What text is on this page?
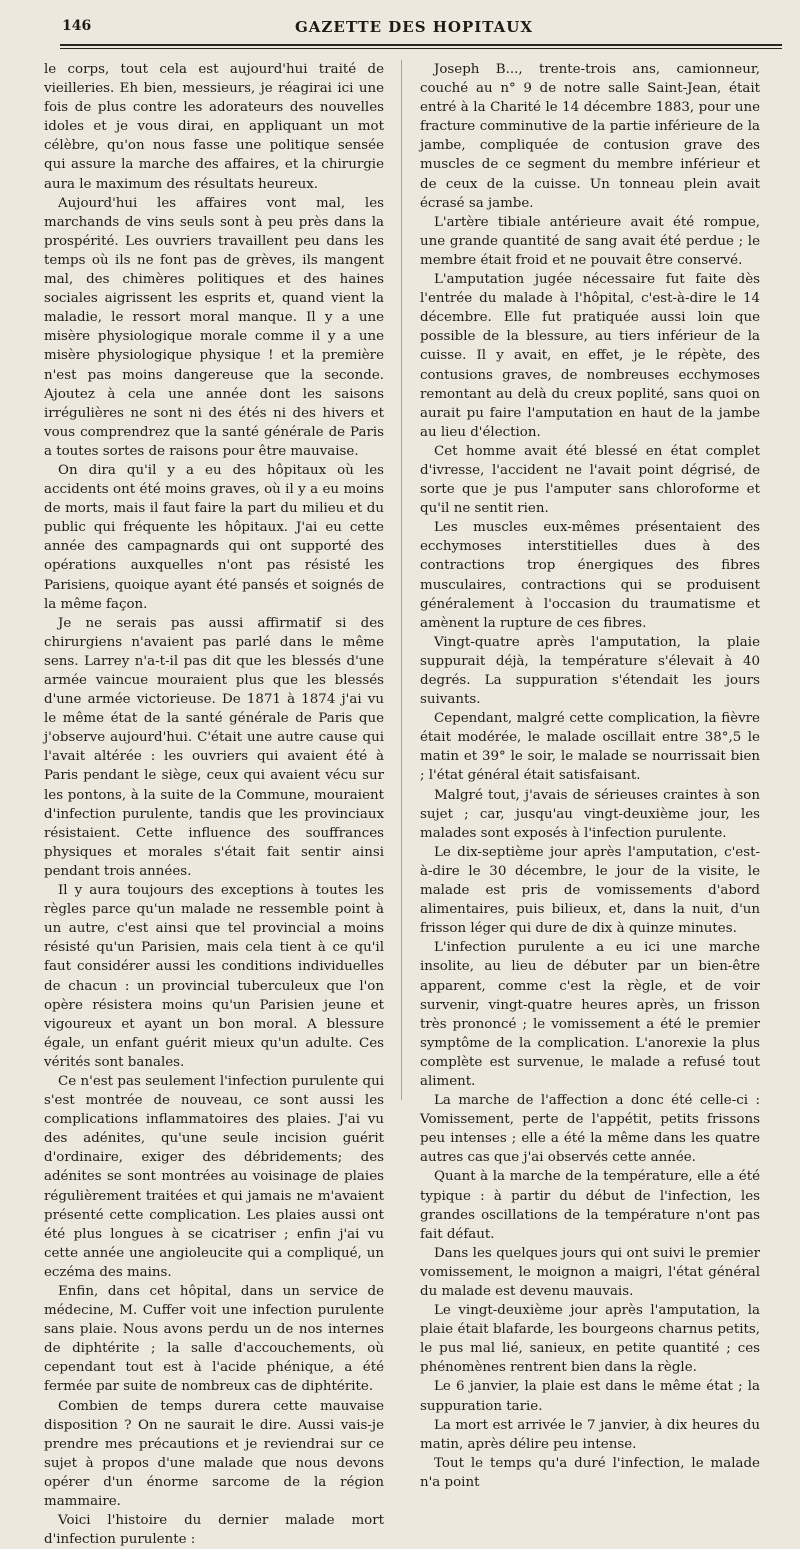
146	GAZETTE DES HOPITAUX

le corps, tout cela est aujourd'hui traité de vieilleries. Eh bien, messieurs, je réagirai ici une fois de plus contre les adorateurs des nouvelles idoles et je vous dirai, en appliquant un mot célèbre, qu'on nous fasse une politique sensée qui assure la marche des affaires, et la chirurgie aura le maximum des résultats heureux.

Aujourd'hui les affaires vont mal, les marchands de vins seuls sont à peu près dans la prospérité. Les ouvriers travaillent peu dans les temps où ils ne font pas de grèves, ils mangent mal, des chimères politiques et des haines sociales aigrissent les esprits et, quand vient la maladie, le ressort moral manque. Il y a une misère physiologique morale comme il y a une misère physiologique physique ! et la première n'est pas moins dangereuse que la seconde. Ajoutez à cela une année dont les saisons irrégulières ne sont ni des étés ni des hivers et vous comprendrez que la santé générale de Paris a toutes sortes de raisons pour être mauvaise.

On dira qu'il y a eu des hôpitaux où les accidents ont été moins graves, où il y a eu moins de morts, mais il faut faire la part du milieu et du public qui fréquente les hôpitaux. J'ai eu cette année des campagnards qui ont supporté des opérations auxquelles n'ont pas résisté les Parisiens, quoique ayant été pansés et soignés de la même façon.

Je ne serais pas aussi affirmatif si des chirurgiens n'avaient pas parlé dans le même sens. Larrey n'a-t-il pas dit que les blessés d'une armée vaincue mouraient plus que les blessés d'une armée victorieuse. De 1871 à 1874 j'ai vu le même état de la santé générale de Paris que j'observe aujourd'hui. C'était une autre cause qui l'avait altérée : les ouvriers qui avaient été à Paris pendant le siège, ceux qui avaient vécu sur les pontons, à la suite de la Commune, mouraient d'infection purulente, tandis que les provinciaux résistaient. Cette influence des souffrances physiques et morales s'était fait sentir ainsi pendant trois années.

Il y aura toujours des exceptions à toutes les règles parce qu'un malade ne ressemble point à un autre, c'est ainsi que tel provincial a moins résisté qu'un Parisien, mais cela tient à ce qu'il faut considérer aussi les conditions individuelles de chacun : un provincial tuberculeux que l'on opère résistera moins qu'un Parisien jeune et vigoureux et ayant un bon moral. A blessure égale, un enfant guérit mieux qu'un adulte. Ces vérités sont banales.

Ce n'est pas seulement l'infection purulente qui s'est montrée de nouveau, ce sont aussi les complications inflammatoires des plaies. J'ai vu des adénites, qu'une seule incision guérit d'ordinaire, exiger des débridements; des adénites se sont montrées au voisinage de plaies régulièrement traitées et qui jamais ne m'avaient présenté cette complication. Les plaies aussi ont été plus longues à se cicatriser ; enfin j'ai vu cette année une angioleucite qui a compliqué, un eczéma des mains.

Enfin, dans cet hôpital, dans un service de médecine, M. Cuffer voit une infection purulente sans plaie. Nous avons perdu un de nos internes de diphtérite ; la salle d'accouchements, où cependant tout est à l'acide phénique, a été fermée par suite de nombreux cas de diphtérite.

Combien de temps durera cette mauvaise disposition ? On ne saurait le dire. Aussi vais-je prendre mes précautions et je reviendrai sur ce sujet à propos d'une malade que nous devons opérer d'un énorme sarcome de la région mammaire.

Voici l'histoire du dernier malade mort d'infection purulente :

Joseph B..., trente-trois ans, camionneur, couché au n° 9 de notre salle Saint-Jean, était entré à la Charité le 14 décembre 1883, pour une fracture comminutive de la partie inférieure de la jambe, compliquée de contusion grave des muscles de ce segment du membre inférieur et de ceux de la cuisse. Un tonneau plein avait écrasé sa jambe.

L'artère tibiale antérieure avait été rompue, une grande quantité de sang avait été perdue ; le membre était froid et ne pouvait être conservé.

L'amputation jugée nécessaire fut faite dès l'entrée du malade à l'hôpital, c'est-à-dire le 14 décembre. Elle fut pratiquée aussi loin que possible de la blessure, au tiers inférieur de la cuisse. Il y avait, en effet, je le répète, des contusions graves, de nombreuses ecchymoses remontant au delà du creux poplité, sans quoi on aurait pu faire l'amputation en haut de la jambe au lieu d'élection.

Cet homme avait été blessé en état complet d'ivresse, l'accident ne l'avait point dégrisé, de sorte que je pus l'amputer sans chloroforme et qu'il ne sentit rien.

Les muscles eux-mêmes présentaient des ecchymoses interstitielles dues à des contractions trop énergiques des fibres musculaires, contractions qui se produisent généralement à l'occasion du traumatisme et amènent la rupture de ces fibres.

Vingt-quatre après l'amputation, la plaie suppurait déjà, la température s'élevait à 40 degrés. La suppuration s'étendait les jours suivants.

Cependant, malgré cette complication, la fièvre était modérée, le malade oscillait entre 38°,5 le matin et 39° le soir, le malade se nourrissait bien ; l'état général était satisfaisant.

Malgré tout, j'avais de sérieuses craintes à son sujet ; car, jusqu'au vingt-deuxième jour, les malades sont exposés à l'infection purulente.

Le dix-septième jour après l'amputation, c'est-à-dire le 30 décembre, le jour de la visite, le malade est pris de vomissements d'abord alimentaires, puis bilieux, et, dans la nuit, d'un frisson léger qui dure de dix à quinze minutes.

L'infection purulente a eu ici une marche insolite, au lieu de débuter par un bien-être apparent, comme c'est la règle, et de voir survenir, vingt-quatre heures après, un frisson très prononcé ; le vomissement a été le premier symptôme de la complication. L'anorexie la plus complète est survenue, le malade a refusé tout aliment.

La marche de l'affection a donc été celle-ci : Vomissement, perte de l'appétit, petits frissons peu intenses ; elle a été la même dans les quatre autres cas que j'ai observés cette année.

Quant à la marche de la température, elle a été typique : à partir du début de l'infection, les grandes oscillations de la température n'ont pas fait défaut.

Dans les quelques jours qui ont suivi le premier vomissement, le moignon a maigri, l'état général du malade est devenu mauvais.

Le vingt-deuxième jour après l'amputation, la plaie était blafarde, les bourgeons charnus petits, le pus mal lié, sanieux, en petite quantité ; ces phénomènes rentrent bien dans la règle.

Le 6 janvier, la plaie est dans le même état ; la suppuration tarie.

La mort est arrivée le 7 janvier, à dix heures du matin, après délire peu intense.

Tout le temps qu'a duré l'infection, le malade n'a point
